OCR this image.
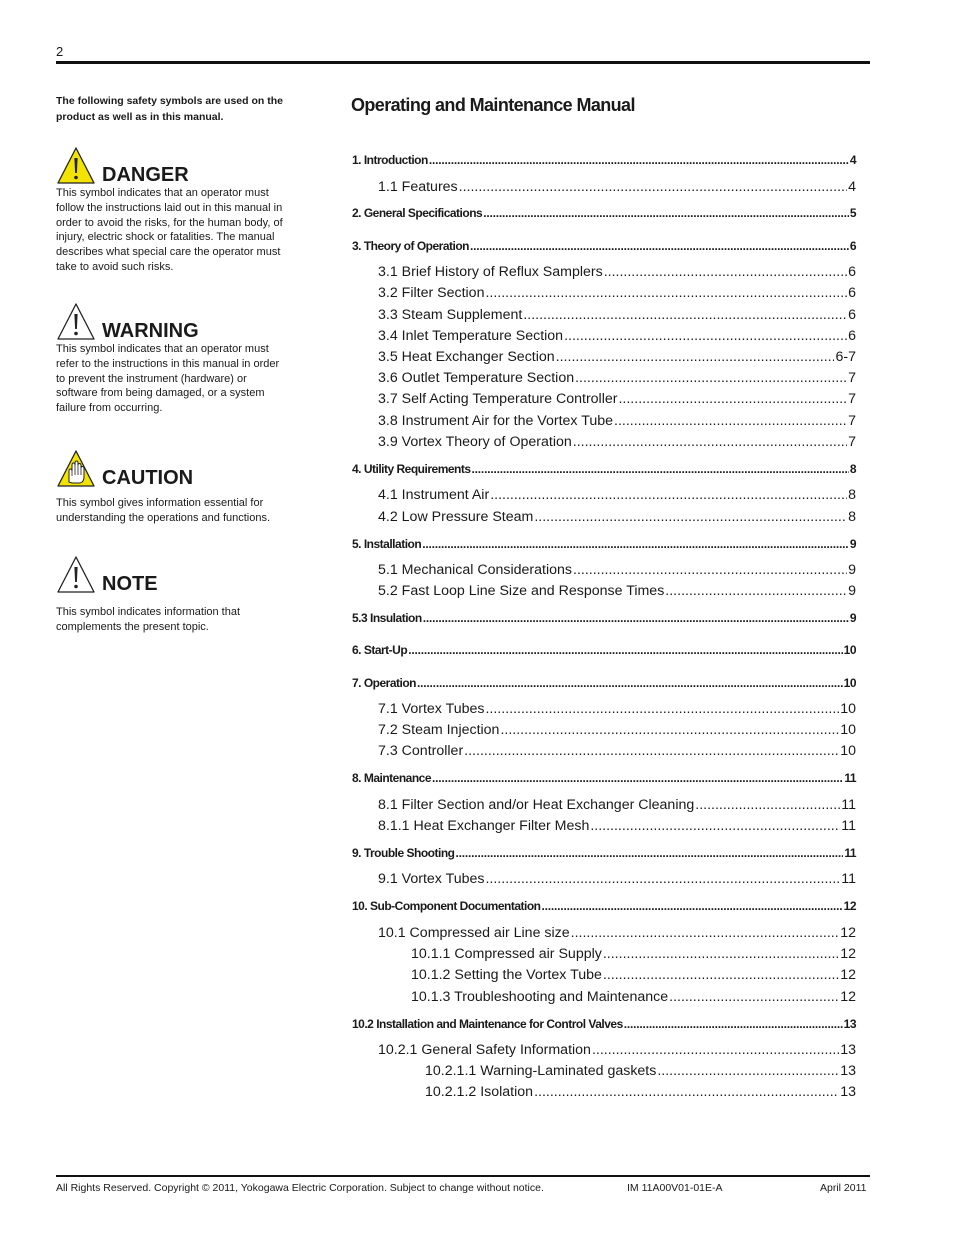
2
The following safety symbols are used on the product as well as in this manual.
DANGER
This symbol indicates that an operator must follow the instructions laid out in this manual in order to avoid the risks, for the human body, of injury, electric shock or fatalities. The manual describes what special care the operator must take to avoid such risks.
WARNING
This symbol indicates that an operator must refer to the instructions in this manual in order to prevent the instrument (hardware) or software from being damaged, or a system failure from occurring.
CAUTION
This symbol gives information essential for understanding the operations and functions.
NOTE
This symbol indicates information that complements the present topic.
Operating and Maintenance Manual
1. Introduction .....	4
1.1 Features .....	4
2. General Specifications .....	5
3. Theory of Operation .....	6
3.1 Brief History of Reflux Samplers .....	6
3.2 Filter Section .....	6
3.3 Steam Supplement .....	6
3.4 Inlet Temperature Section .....	6
3.5 Heat Exchanger Section .....	6-7
3.6 Outlet Temperature Section .....	7
3.7 Self Acting Temperature Controller .....	7
3.8 Instrument Air for the Vortex Tube .....	7
3.9 Vortex Theory of Operation .....	7
4. Utility Requirements .....	8
4.1 Instrument Air .....	8
4.2 Low Pressure Steam .....	8
5. Installation .....	9
5.1 Mechanical Considerations .....	9
5.2 Fast Loop Line Size and Response Times .....	9
5.3 Insulation .....	9
6. Start-Up .....	10
7. Operation .....	10
7.1 Vortex Tubes .....	10
7.2 Steam Injection .....	10
7.3 Controller .....	10
8. Maintenance .....	11
8.1 Filter Section and/or Heat Exchanger Cleaning .....	11
8.1.1 Heat Exchanger Filter Mesh .....	11
9. Trouble Shooting .....	11
9.1 Vortex Tubes .....	11
10. Sub-Component Documentation .....	12
10.1 Compressed air Line size .....	12
10.1.1 Compressed air Supply .....	12
10.1.2 Setting the Vortex Tube .....	12
10.1.3 Troubleshooting and Maintenance .....	12
10.2 Installation and Maintenance for Control Valves .....	13
10.2.1 General Safety Information .....	13
10.2.1.1 Warning-Laminated gaskets .....	13
10.2.1.2 Isolation .....	13
All Rights Reserved. Copyright © 2011, Yokogawa Electric Corporation. Subject to change without notice.	IM 11A00V01-01E-A	April 2011
